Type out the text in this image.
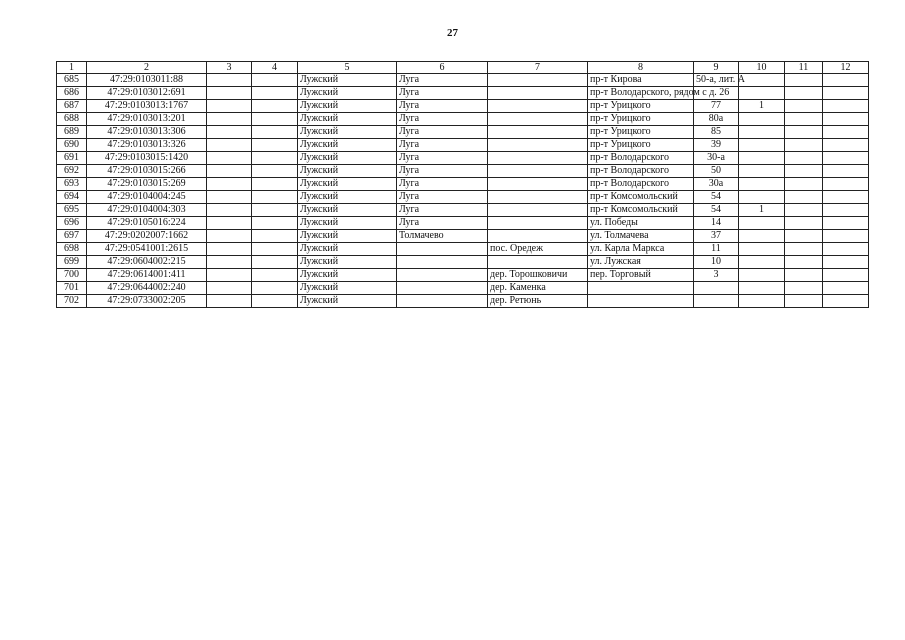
27
1	2	3	4	5	6	7	8	9	10	11	12
685	47:29:0103011:88			Лужский	Луга		пр-т Кирова	50-а, лит. А			
686	47:29:0103012:691			Лужский	Луга		пр-т Володарского, рядом с д. 26				
687	47:29:0103013:1767			Лужский	Луга		пр-т Урицкого	77	1		
688	47:29:0103013:201			Лужский	Луга		пр-т Урицкого	80а			
689	47:29:0103013:306			Лужский	Луга		пр-т Урицкого	85			
690	47:29:0103013:326			Лужский	Луга		пр-т Урицкого	39			
691	47:29:0103015:1420			Лужский	Луга		пр-т Володарского	30-а			
692	47:29:0103015:266			Лужский	Луга		пр-т Володарского	50			
693	47:29:0103015:269			Лужский	Луга		пр-т Володарского	30а			
694	47:29:0104004:245			Лужский	Луга		пр-т Комсомольский	54			
695	47:29:0104004:303			Лужский	Луга		пр-т Комсомольский	54	1		
696	47:29:0105016:224			Лужский	Луга		ул. Победы	14			
697	47:29:0202007:1662			Лужский	Толмачево		ул. Толмачева	37			
698	47:29:0541001:2615			Лужский		пос. Оредеж	ул. Карла Маркса	11			
699	47:29:0604002:215			Лужский			ул. Лужская	10			
700	47:29:0614001:411			Лужский		дер. Торошковичи	пер. Торговый	3			
701	47:29:0644002:240			Лужский		дер. Каменка					
702	47:29:0733002:205			Лужский		дер. Ретюнь					
